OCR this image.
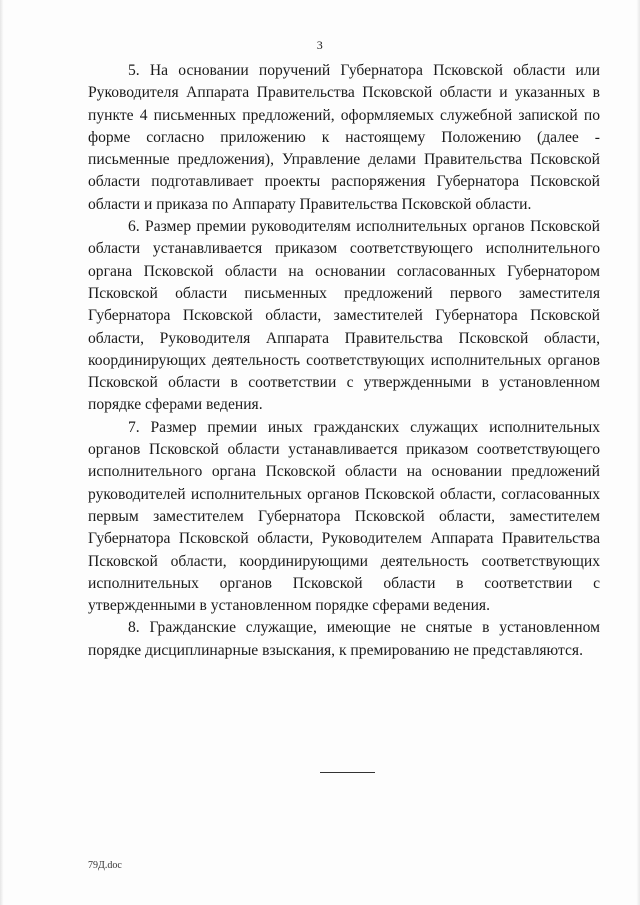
3

5. На основании поручений Губернатора Псковской области или Руководителя Аппарата Правительства Псковской области и указанных в пункте 4 письменных предложений, оформляемых служебной запиской по форме согласно приложению к настоящему Положению (далее - письменные предложения), Управление делами Правительства Псковской области подготавливает проекты распоряжения Губернатора Псковской области и приказа по Аппарату Правительства Псковской области.

6. Размер премии руководителям исполнительных органов Псковской области устанавливается приказом соответствующего исполнительного органа Псковской области на основании согласованных Губернатором Псковской области письменных предложений первого заместителя Губернатора Псковской области, заместителей Губернатора Псковской области, Руководителя Аппарата Правительства Псковской области, координирующих деятельность соответствующих исполнительных органов Псковской области в соответствии с утвержденными в установленном порядке сферами ведения.

7. Размер премии иных гражданских служащих исполнительных органов Псковской области устанавливается приказом соответствующего исполнительного органа Псковской области на основании предложений руководителей исполнительных органов Псковской области, согласованных первым заместителем Губернатора Псковской области, заместителем Губернатора Псковской области, Руководителем Аппарата Правительства Псковской области, координирующими деятельность соответствующих исполнительных органов Псковской области в соответствии с утвержденными в установленном порядке сферами ведения.

8. Гражданские служащие, имеющие не снятые в установленном порядке дисциплинарные взыскания, к премированию не представляются.

79Д.doc
